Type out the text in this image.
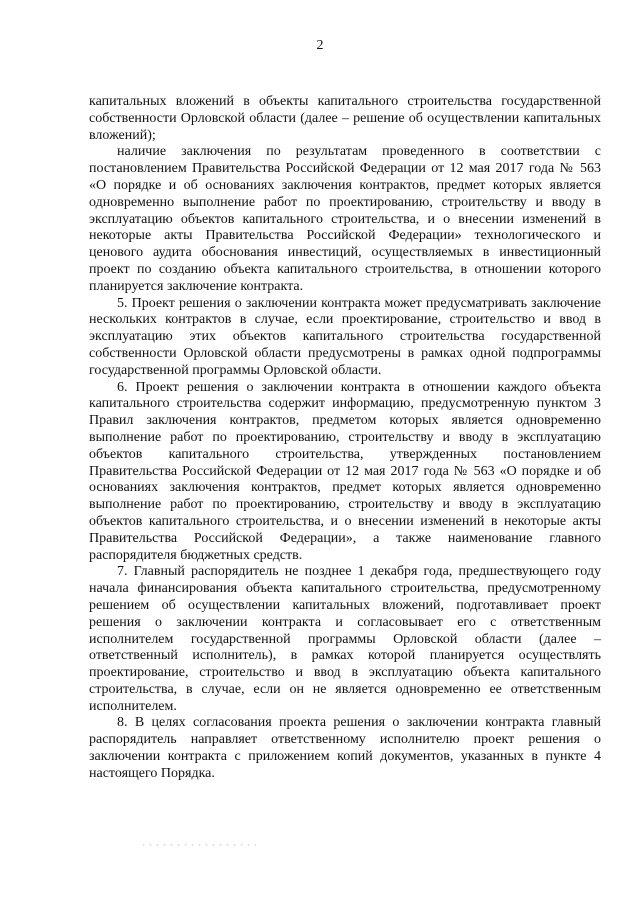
2

капитальных вложений в объекты капитального строительства государственной собственности Орловской области (далее – решение об осуществлении капитальных вложений);

наличие заключения по результатам проведенного в соответствии с постановлением Правительства Российской Федерации от 12 мая 2017 года № 563 «О порядке и об основаниях заключения контрактов, предмет которых является одновременно выполнение работ по проектированию, строительству и вводу в эксплуатацию объектов капитального строительства, и о внесении изменений в некоторые акты Правительства Российской Федерации» технологического и ценового аудита обоснования инвестиций, осуществляемых в инвестиционный проект по созданию объекта капитального строительства, в отношении которого планируется заключение контракта.

5. Проект решения о заключении контракта может предусматривать заключение нескольких контрактов в случае, если проектирование, строительство и ввод в эксплуатацию этих объектов капитального строительства государственной собственности Орловской области предусмотрены в рамках одной подпрограммы государственной программы Орловской области.

6. Проект решения о заключении контракта в отношении каждого объекта капитального строительства содержит информацию, предусмотренную пунктом 3 Правил заключения контрактов, предметом которых является одновременно выполнение работ по проектированию, строительству и вводу в эксплуатацию объектов капитального строительства, утвержденных постановлением Правительства Российской Федерации от 12 мая 2017 года № 563 «О порядке и об основаниях заключения контрактов, предмет которых является одновременно выполнение работ по проектированию, строительству и вводу в эксплуатацию объектов капитального строительства, и о внесении изменений в некоторые акты Правительства Российской Федерации», а также наименование главного распорядителя бюджетных средств.

7. Главный распорядитель не позднее 1 декабря года, предшествующего году начала финансирования объекта капитального строительства, предусмотренному решением об осуществлении капитальных вложений, подготавливает проект решения о заключении контракта и согласовывает его с ответственным исполнителем государственной программы Орловской области (далее – ответственный исполнитель), в рамках которой планируется осуществлять проектирование, строительство и ввод в эксплуатацию объекта капитального строительства, в случае, если он не является одновременно ее ответственным исполнителем.

8. В целях согласования проекта решения о заключении контракта главный распорядитель направляет ответственному исполнителю проект решения о заключении контракта с приложением копий документов, указанных в пункте 4 настоящего Порядка.
